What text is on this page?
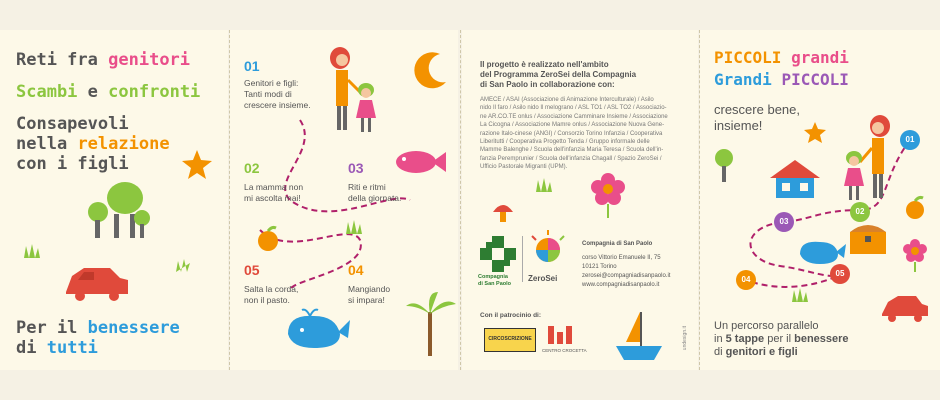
Reti fra genitori

Scambi e confronti

Consapevoli

nella relazione

con i figli

Per il benessere

di tutti

01

Genitori e figli:
Tanti modi di
crescere insieme.

02

La mamma non
mi ascolta mai!

03

Riti e ritmi
della giornata.

05

Salta la corda,
non il pasto.

04

Mangiando
si impara!
Il progetto è realizzato nell'ambito
del Programma ZeroSei della Compagnia
di San Paolo in collaborazione con:
AMECE / ASAI (Associazione di Animazione Interculturale) / Asilo
nido Il faro / Asilo nido Il melograno / ASL TO1 / ASL TO2 / Associazio-
ne AR.CO.TE onlus / Associazione Camminare Insieme / Associazione
La Cicogna / Associazione Mamre onlus / Associazione Nuova Gene-
razione Italo-cinese (ANGI) / Consorzio Torino Infanzia / Cooperativa
Liberitutti / Cooperativa Progetto Tenda / Gruppo informale delle
Mamme Balenghe / Scuola dell'infanzia Maria Teresa / Scuola dell'in-
fanzia Peremprunier / Scuola dell'infanzia Chagall / Spazio ZeroSei /
Ufficio Pastorale Migranti (UPM).
Compagnia
di San Paolo

ZeroSei

Compagnia di San Paolo
corso Vittorio Emanuele II, 75
10121 Torino
zerosei@compagniadisanpaolo.it
www.compagniadisanpaolo.it

Con il patrocinio di:

CIRCOSCRIZIONE

CENTRO CROCETTA

undesign.it

PICCOLI grandi

Grandi PICCOLI

crescere bene,
insieme!
01
02
03
04
05
Un percorso parallelo
in 5 tappe per il benessere
di genitori e figli
